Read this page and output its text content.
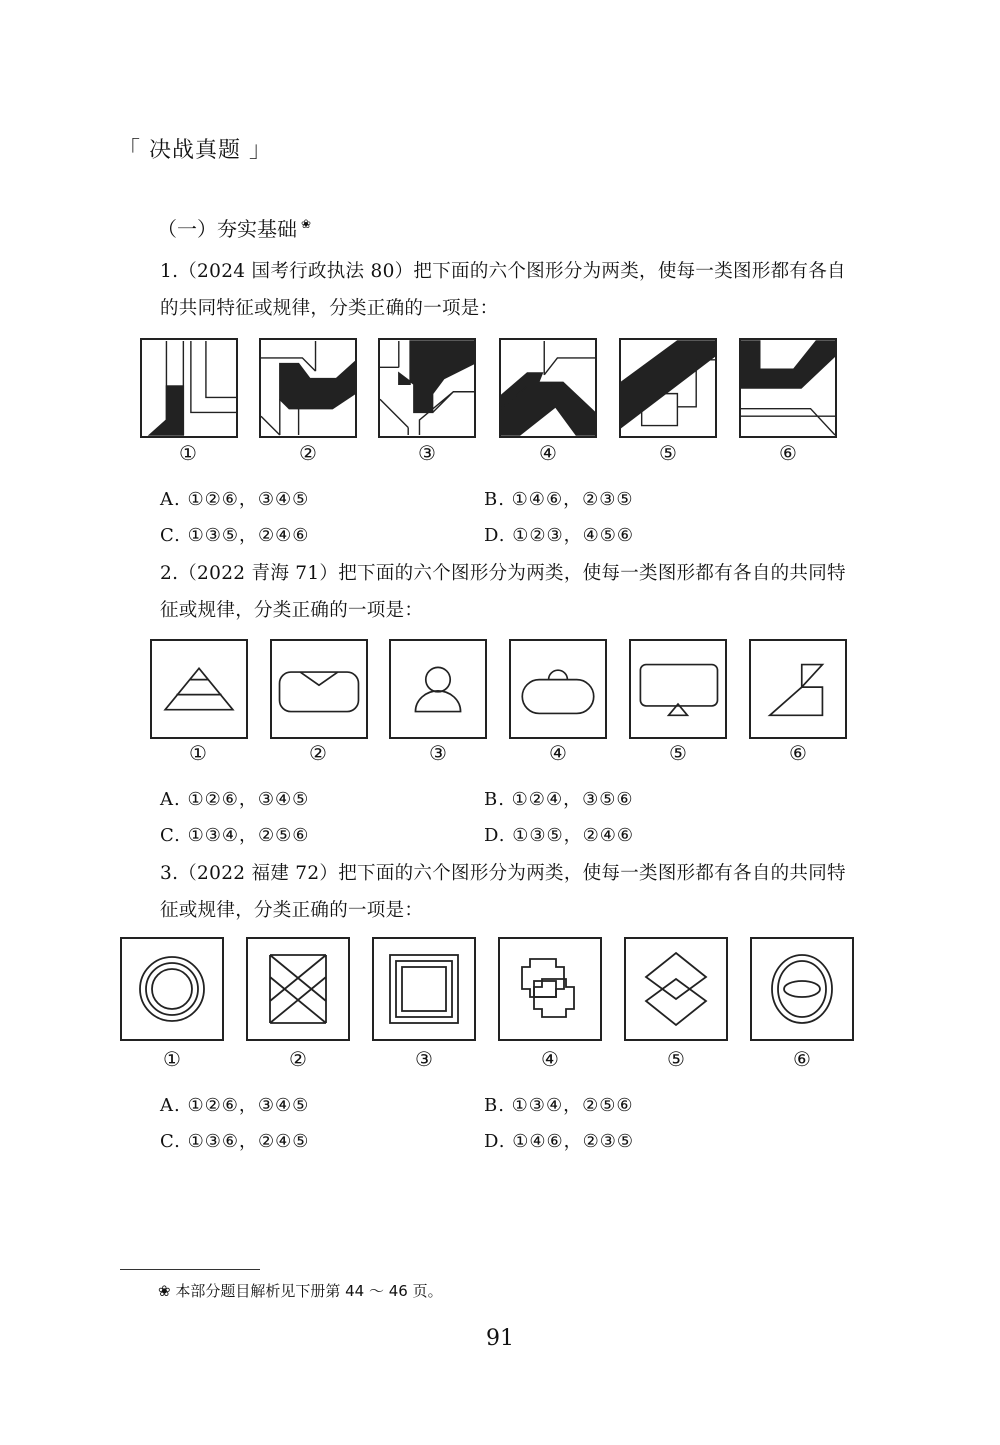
「 决战真题 」
（一）夯实基础 ❀
1.（2024 国考行政执法 80）把下面的六个图形分为两类，使每一类图形都有各自的共同特征或规律，分类正确的一项是：
①	②	③	④	⑤	⑥
A. ①②⑥，③④⑤	B. ①④⑥，②③⑤
C. ①③⑤，②④⑥	D. ①②③，④⑤⑥
2.（2022 青海 71）把下面的六个图形分为两类，使每一类图形都有各自的共同特征或规律，分类正确的一项是：
①	②	③	④	⑤	⑥
A. ①②⑥，③④⑤	B. ①②④，③⑤⑥
C. ①③④，②⑤⑥	D. ①③⑤，②④⑥
3.（2022 福建 72）把下面的六个图形分为两类，使每一类图形都有各自的共同特征或规律，分类正确的一项是：
①	②	③	④	⑤	⑥
A. ①②⑥，③④⑤	B. ①③④，②⑤⑥
C. ①③⑥，②④⑤	D. ①④⑥，②③⑤
❀ 本部分题目解析见下册第 44 ～ 46 页。
91
